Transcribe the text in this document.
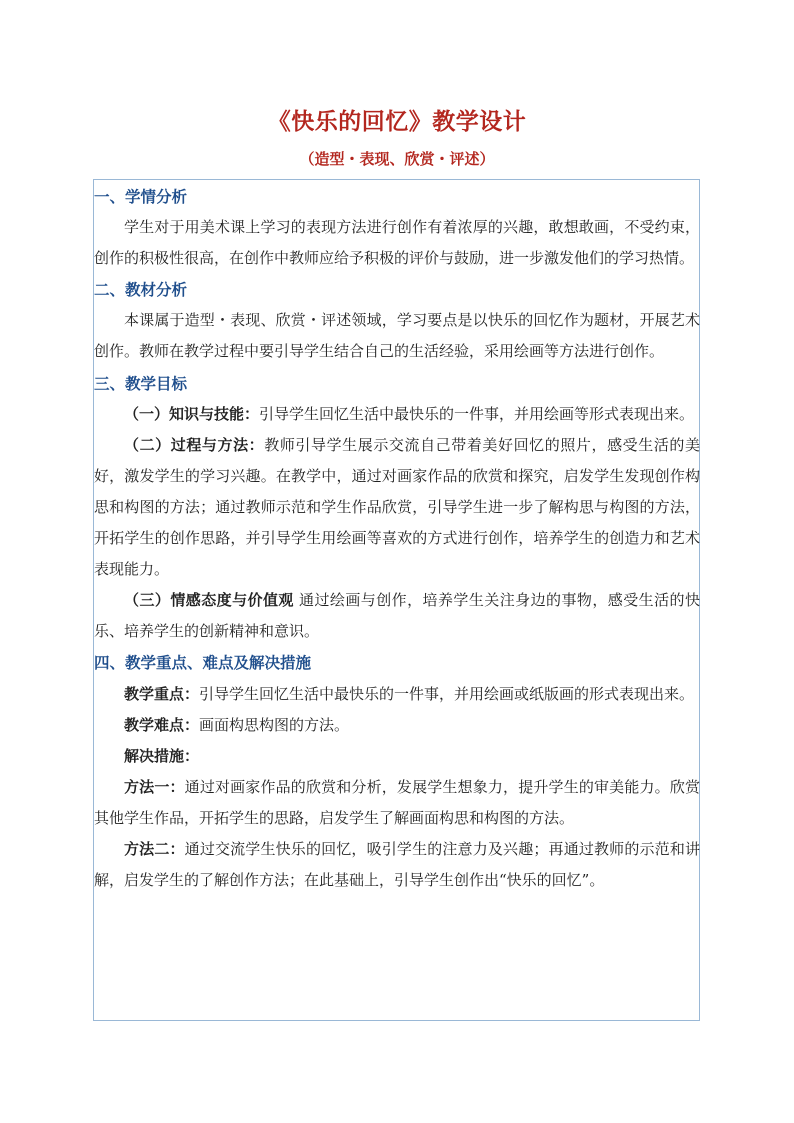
《快乐的回忆》教学设计
（造型・表现、欣赏・评述）

一、学情分析

学生对于用美术课上学习的表现方法进行创作有着浓厚的兴趣，敢想敢画，不受约束，创作的积极性很高，在创作中教师应给予积极的评价与鼓励，进一步激发他们的学习热情。

二、教材分析

本课属于造型・表现、欣赏・评述领域，学习要点是以快乐的回忆作为题材，开展艺术创作。教师在教学过程中要引导学生结合自己的生活经验，采用绘画等方法进行创作。

三、教学目标

（一）知识与技能：引导学生回忆生活中最快乐的一件事，并用绘画等形式表现出来。

（二）过程与方法：教师引导学生展示交流自己带着美好回忆的照片，感受生活的美好，激发学生的学习兴趣。在教学中，通过对画家作品的欣赏和探究，启发学生发现创作构思和构图的方法；通过教师示范和学生作品欣赏，引导学生进一步了解构思与构图的方法，开拓学生的创作思路，并引导学生用绘画等喜欢的方式进行创作，培养学生的创造力和艺术表现能力。

（三）情感态度与价值观 通过绘画与创作，培养学生关注身边的事物，感受生活的快乐、培养学生的创新精神和意识。

四、教学重点、难点及解决措施

教学重点：引导学生回忆生活中最快乐的一件事，并用绘画或纸版画的形式表现出来。

教学难点：画面构思构图的方法。

解决措施：

方法一：通过对画家作品的欣赏和分析，发展学生想象力，提升学生的审美能力。欣赏其他学生作品，开拓学生的思路，启发学生了解画面构思和构图的方法。

方法二：通过交流学生快乐的回忆，吸引学生的注意力及兴趣；再通过教师的示范和讲解，启发学生的了解创作方法；在此基础上，引导学生创作出“快乐的回忆”。
